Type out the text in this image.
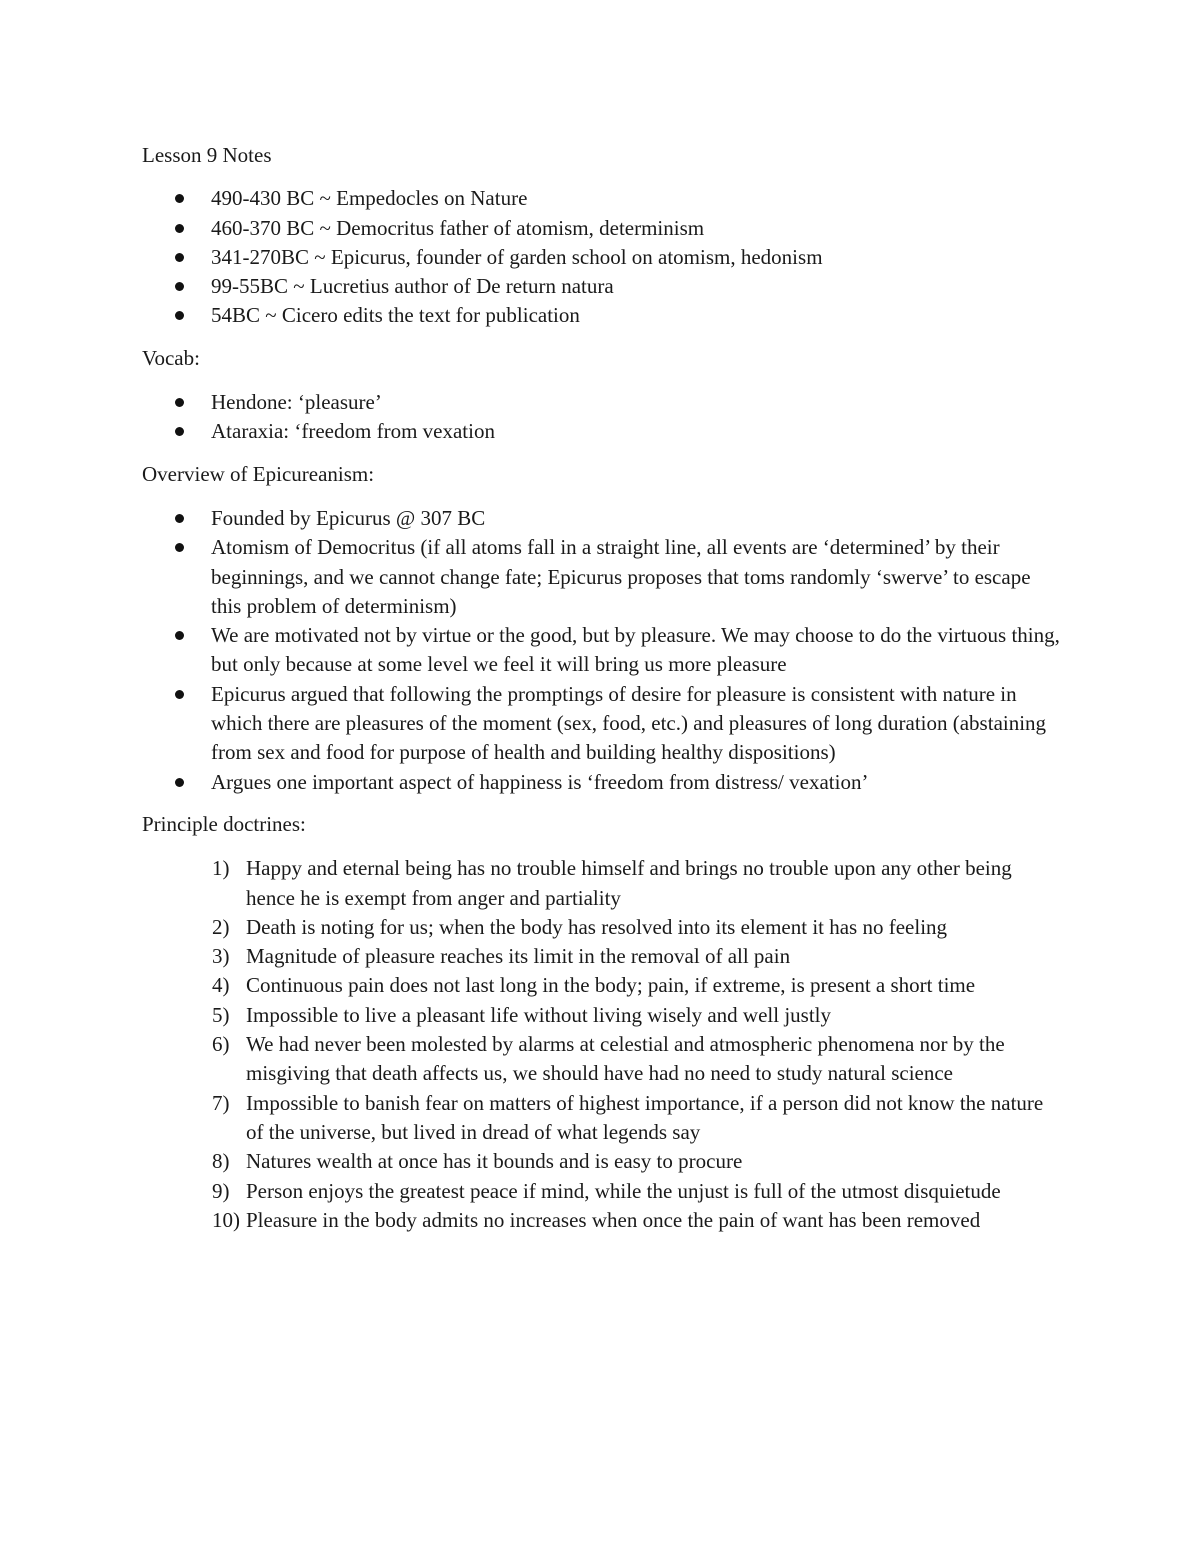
Lesson 9 Notes

490-430 BC ~ Empedocles on Nature
460-370 BC ~ Democritus father of atomism, determinism
341-270BC ~ Epicurus, founder of garden school on atomism, hedonism
99-55BC ~ Lucretius author of De return natura
54BC ~ Cicero edits the text for publication

Vocab:

Hendone: ‘pleasure’
Ataraxia: ‘freedom from vexation

Overview of Epicureanism:

Founded by Epicurus @ 307 BC
Atomism of Democritus (if all atoms fall in a straight line, all events are ‘determined’ by their beginnings, and we cannot change fate; Epicurus proposes that toms randomly ‘swerve’ to escape this problem of determinism)
We are motivated not by virtue or the good, but by pleasure. We may choose to do the virtuous thing, but only because at some level we feel it will bring us more pleasure
Epicurus argued that following the promptings of desire for pleasure is consistent with nature in which there are pleasures of the moment (sex, food, etc.) and pleasures of long duration (abstaining from sex and food for purpose of health and building healthy dispositions)
Argues one important aspect of happiness is ‘freedom from distress/ vexation’

Principle doctrines:

1) Happy and eternal being has no trouble himself and brings no trouble upon any other being hence he is exempt from anger and partiality
2) Death is noting for us; when the body has resolved into its element it has no feeling
3) Magnitude of pleasure reaches its limit in the removal of all pain
4) Continuous pain does not last long in the body; pain, if extreme, is present a short time
5) Impossible to live a pleasant life without living wisely and well justly
6) We had never been molested by alarms at celestial and atmospheric phenomena nor by the misgiving that death affects us, we should have had no need to study natural science
7) Impossible to banish fear on matters of highest importance, if a person did not know the nature of the universe, but lived in dread of what legends say
8) Natures wealth at once has it bounds and is easy to procure
9) Person enjoys the greatest peace if mind, while the unjust is full of the utmost disquietude
10) Pleasure in the body admits no increases when once the pain of want has been removed
